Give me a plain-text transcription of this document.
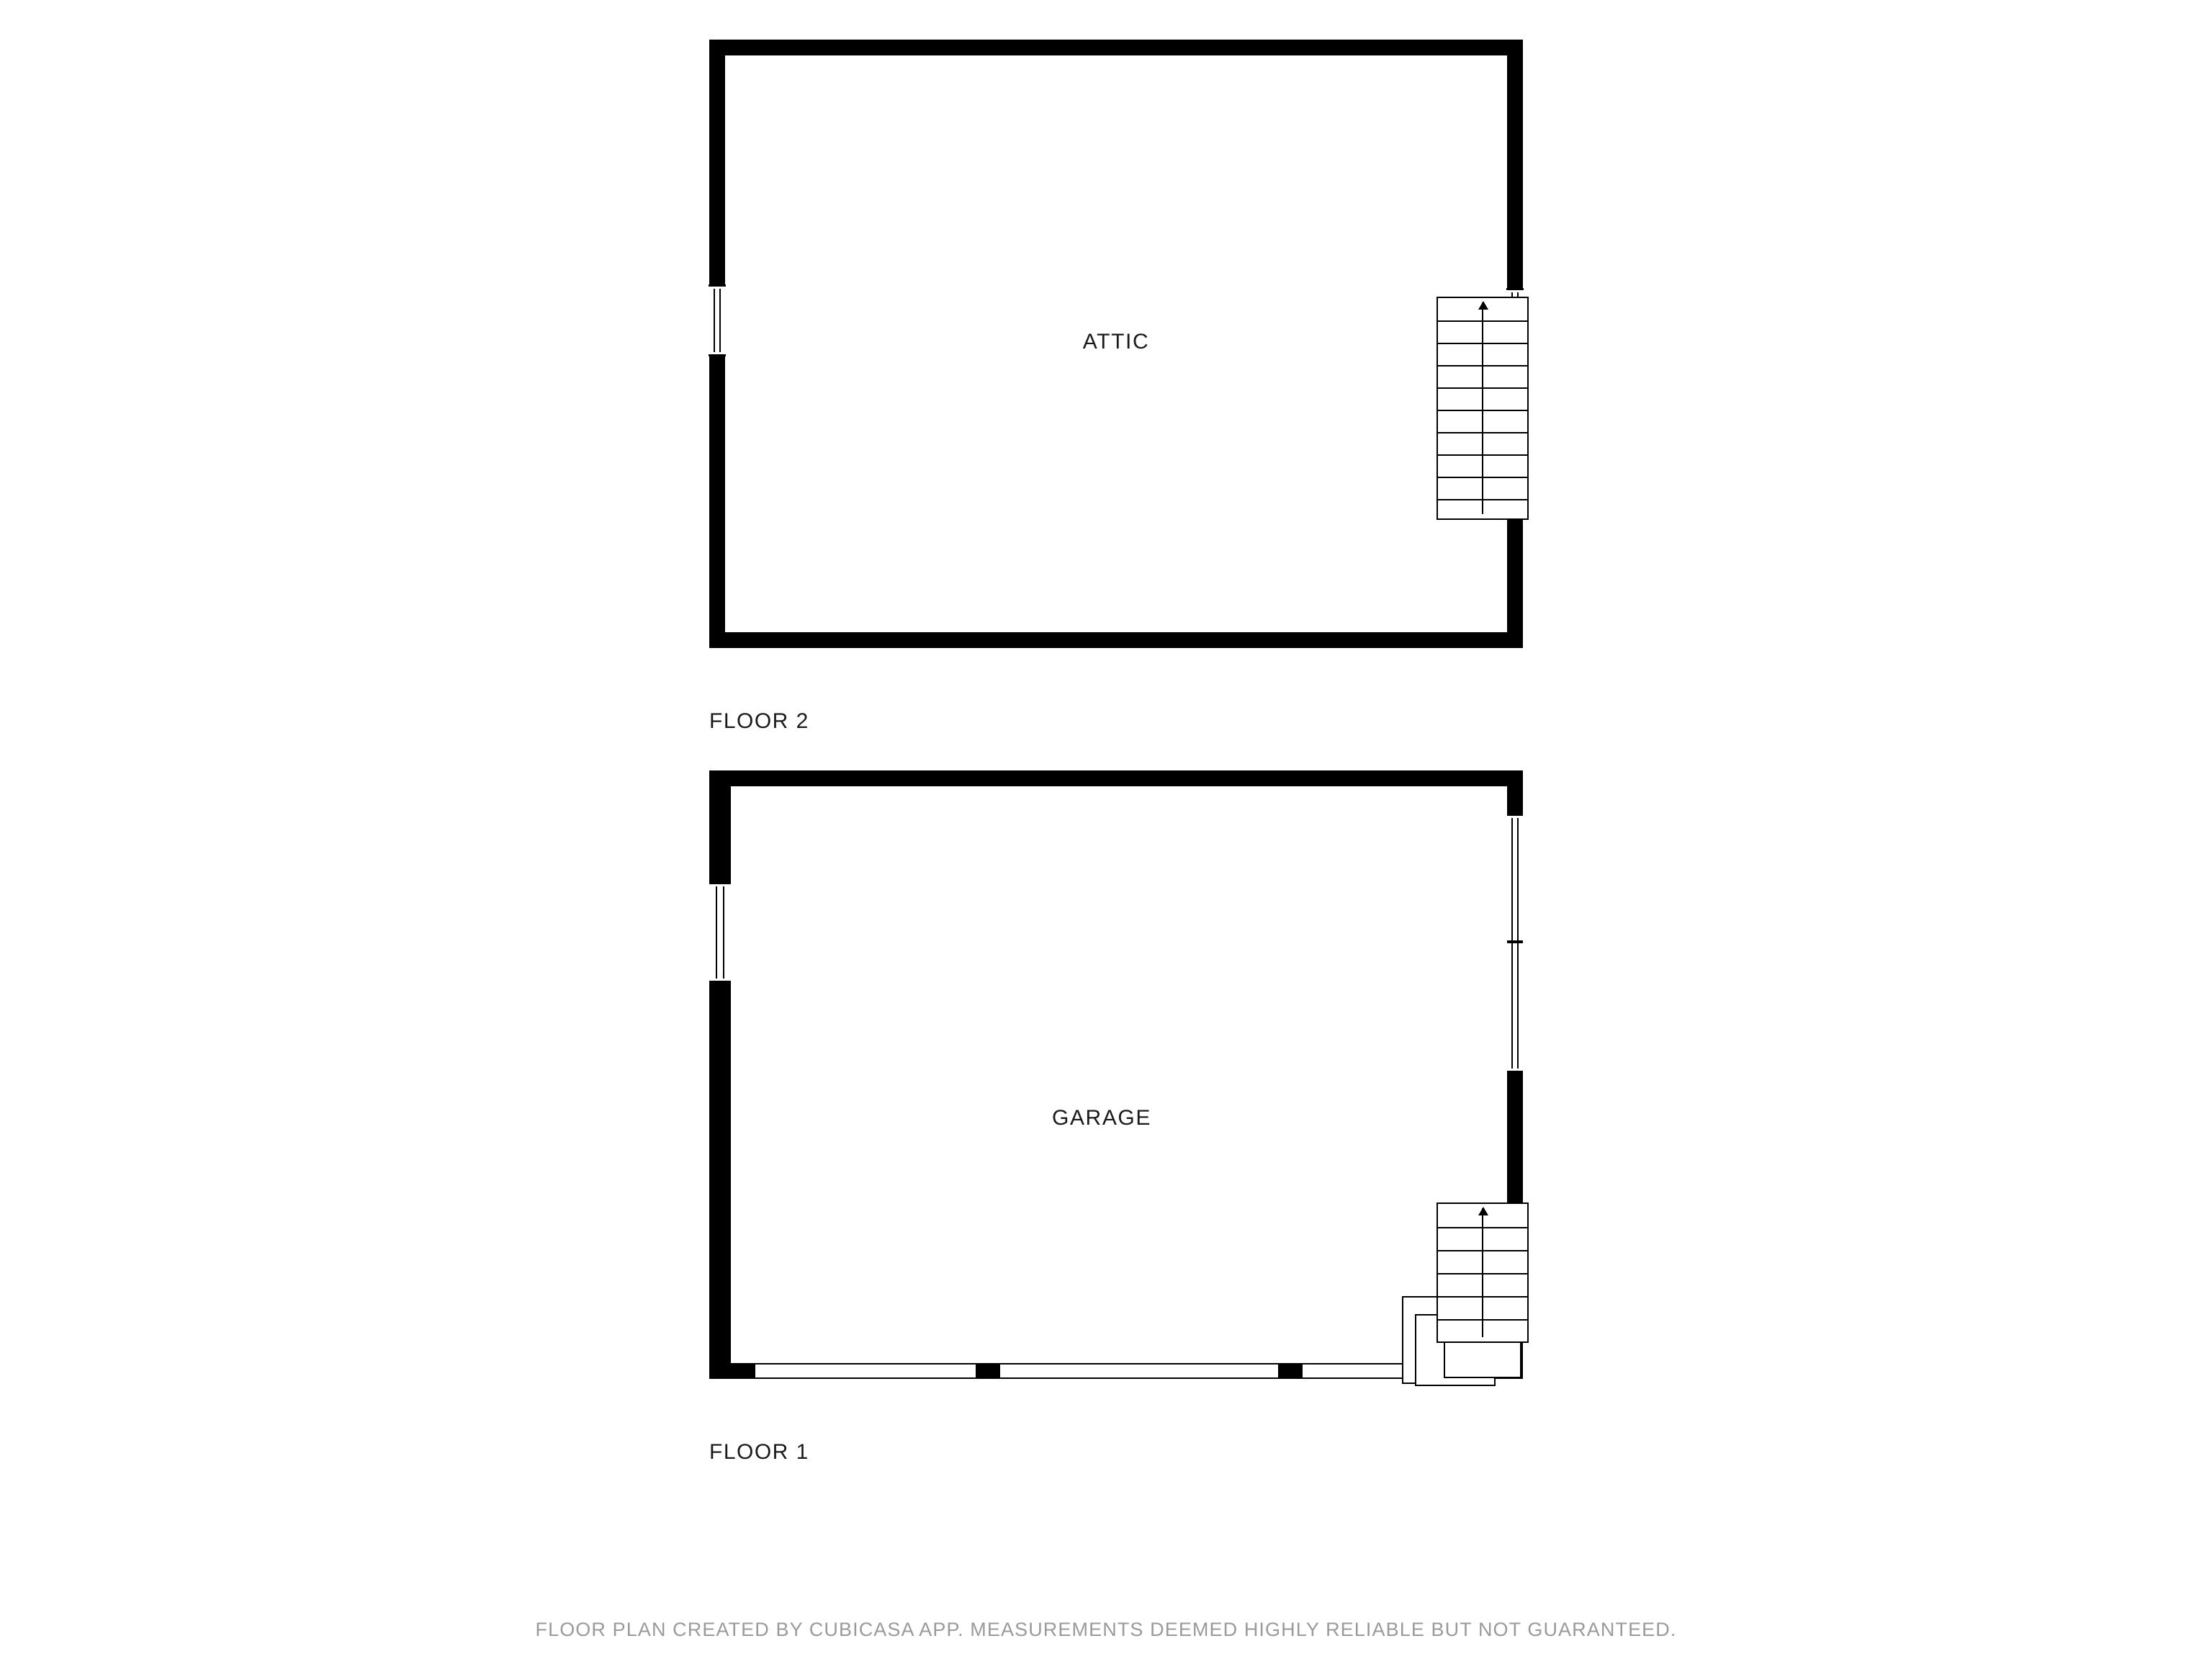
ATTIC
FLOOR 2
GARAGE
FLOOR 1
FLOOR PLAN CREATED BY CUBICASA APP. MEASUREMENTS DEEMED HIGHLY RELIABLE BUT NOT GUARANTEED.
